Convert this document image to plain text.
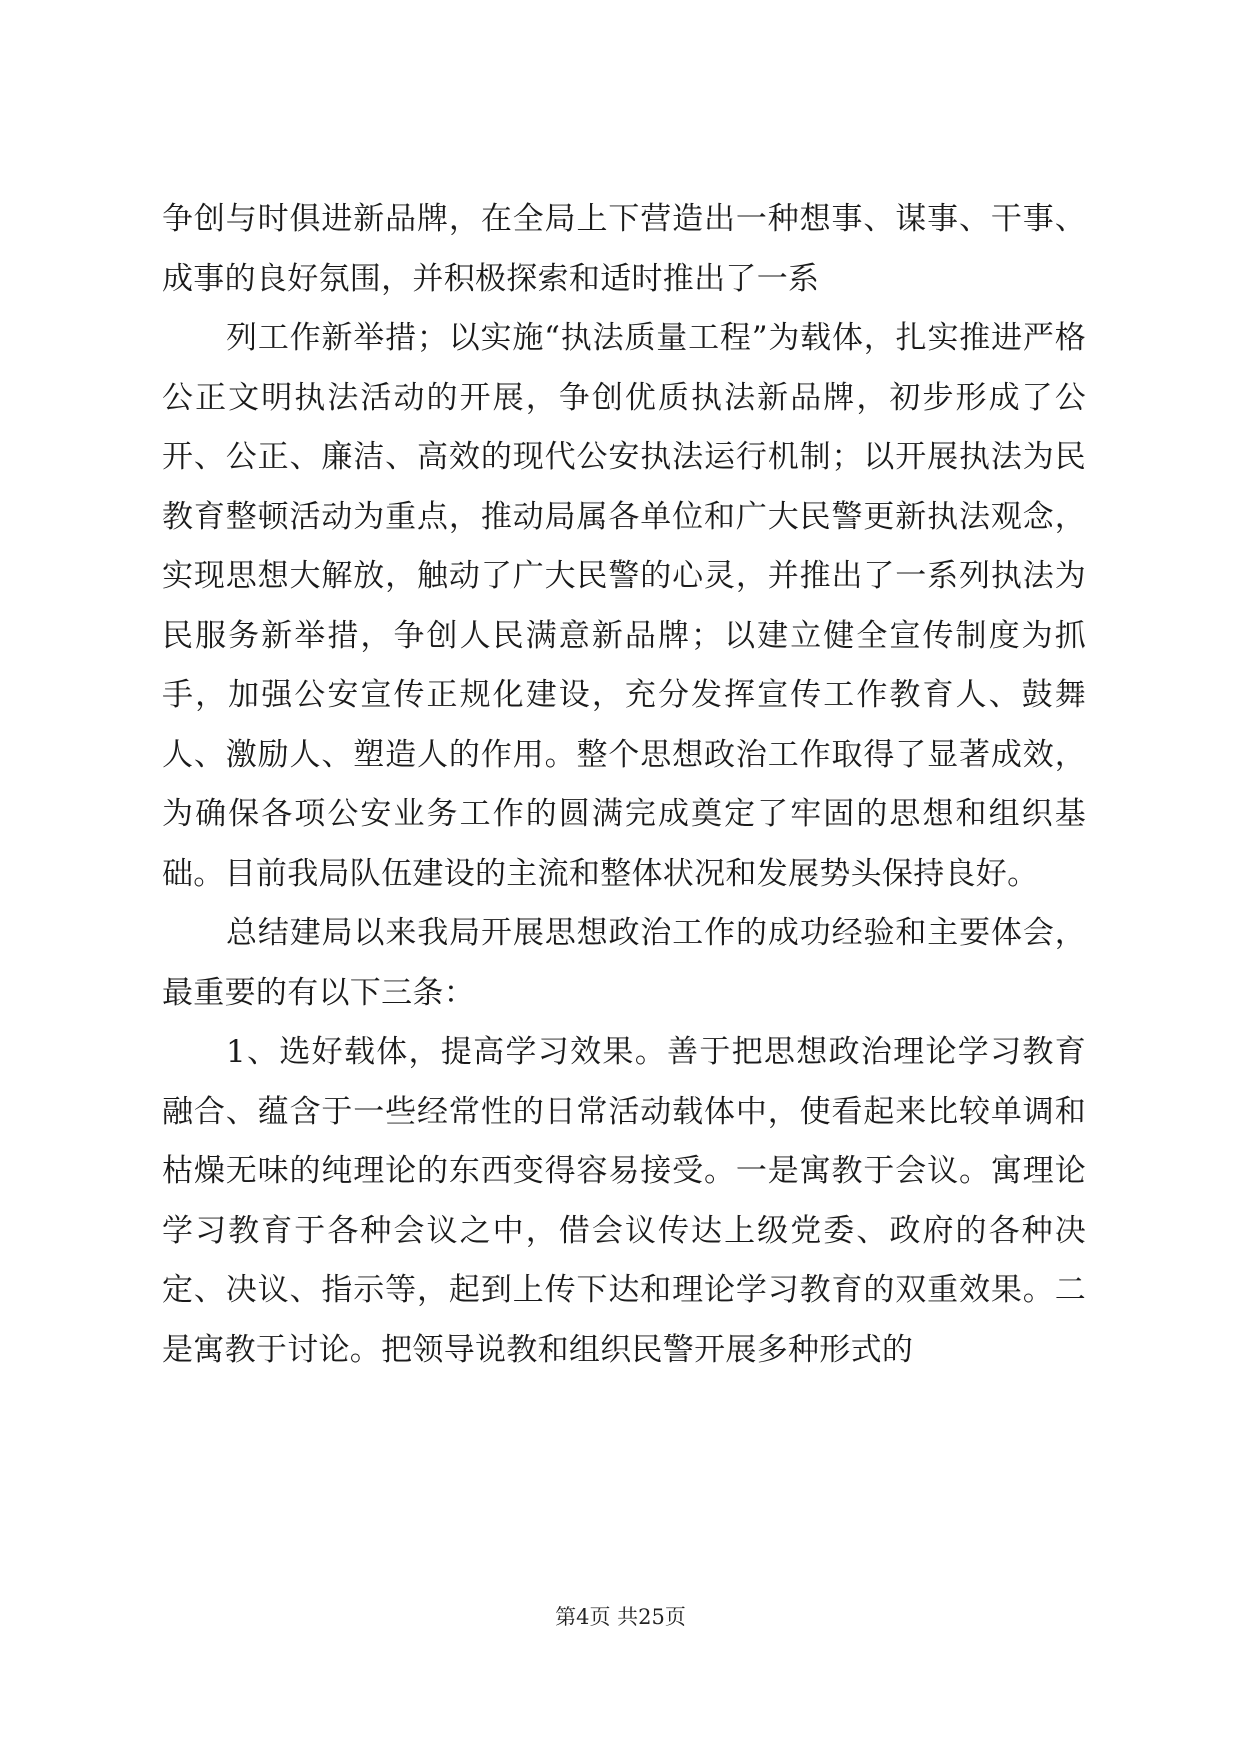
争创与时俱进新品牌，在全局上下营造出一种想事、谋事、干事、成事的良好氛围，并积极探索和适时推出了一系

列工作新举措；以实施“执法质量工程”为载体，扎实推进严格公正文明执法活动的开展，争创优质执法新品牌，初步形成了公开、公正、廉洁、高效的现代公安执法运行机制；以开展执法为民教育整顿活动为重点，推动局属各单位和广大民警更新执法观念，实现思想大解放，触动了广大民警的心灵，并推出了一系列执法为民服务新举措，争创人民满意新品牌；以建立健全宣传制度为抓手，加强公安宣传正规化建设，充分发挥宣传工作教育人、鼓舞人、激励人、塑造人的作用。整个思想政治工作取得了显著成效，为确保各项公安业务工作的圆满完成奠定了牢固的思想和组织基础。目前我局队伍建设的主流和整体状况和发展势头保持良好。

总结建局以来我局开展思想政治工作的成功经验和主要体会，最重要的有以下三条：

1、选好载体，提高学习效果。善于把思想政治理论学习教育融合、蕴含于一些经常性的日常活动载体中，使看起来比较单调和枯燥无味的纯理论的东西变得容易接受。一是寓教于会议。寓理论学习教育于各种会议之中，借会议传达上级党委、政府的各种决定、决议、指示等，起到上传下达和理论学习教育的双重效果。二是寓教于讨论。把领导说教和组织民警开展多种形式的

第4页 共25页
